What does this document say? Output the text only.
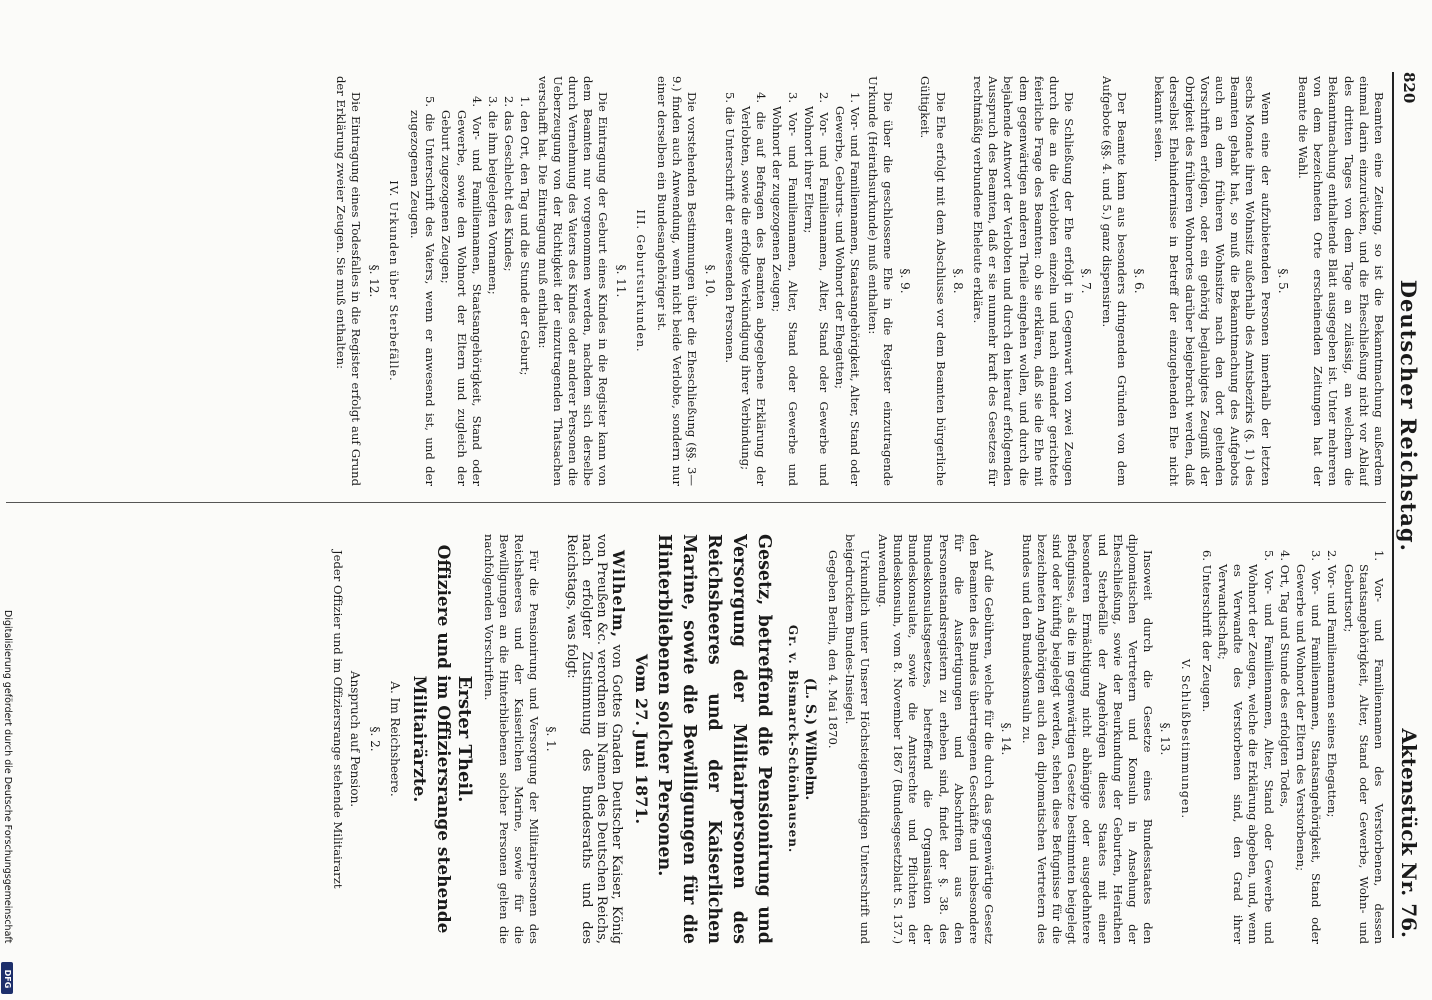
820
Deutscher Reichstag.
Aktenstück Nr. 76.

Beamten eine Zeitung, so ist die Bekanntmachung außerdem einmal darin einzurücken, und die Eheschließung nicht vor Ablauf des dritten Tages von dem Tage an zulässig, an welchem die Bekanntmachung enthaltende Blatt ausgegeben ist. Unter mehreren von dem bezeichneten Orte erscheinenden Zeitungen hat der Beamte die Wahl.

§. 5.

Wenn eine der aufzubietenden Personen innerhalb der letzten sechs Monate ihren Wohnsitz außerhalb des Amtsbezirks (§. 1) des Beamten gehabt hat, so muß die Bekanntmachung des Aufgebots auch an dem früheren Wohnsitze nach den dort geltenden Vorschriften erfolgen, oder ein gehörig beglaubigtes Zeugniß der Obrigkeit des früheren Wohnortes darüber beigebracht werden, daß derselbst Ehehindernisse in Betreff der einzugehenden Ehe nicht bekannt seien.

§. 6.

Der Beamte kann aus besonders dringenden Gründen von dem Aufgebote (§§. 4. und 5.) ganz dispensiren.

§. 7.

Die Schließung der Ehe erfolgt in Gegenwart von zwei Zeugen durch die an die Verlobten einzeln und nach einander gerichtete feierliche Frage des Beamten: ob sie erklären, daß sie die Ehe mit dem gegenwärtigen anderen Theile eingehen wollen, und durch die bejahende Antwort der Verlobten und durch den hierauf erfolgenden Ausspruch des Beamten, daß er sie nunmehr kraft des Gesetzes für rechtmäßig verbundene Eheleute erkläre.

§. 8.

Die Ehe erfolgt mit dem Abschlusse vor dem Beamten bürgerliche Gültigkeit.

§. 9.

Die über die geschlossene Ehe in die Register einzutragende Urkunde (Heirathsurkunde) muß enthalten:

1. Vor- und Familiennamen, Staatsangehörigkeit, Alter, Stand oder Gewerbe, Geburts- und Wohnort der Ehegatten;
2. Vor- und Familiennamen, Alter, Stand oder Gewerbe und Wohnort ihrer Eltern;
3. Vor- und Familiennamen, Alter, Stand oder Gewerbe und Wohnort der zugezogenen Zeugen;
4. die auf Befragen des Beamten abgegebene Erklärung der Verlobten, sowie die erfolgte Verkündigung ihrer Verbindung;
5. die Unterschrift der anwesenden Personen.
§. 10.

Die vorstehenden Bestimmungen über die Eheschließung (§§. 3—9.) finden auch Anwendung, wenn nicht beide Verlobte, sondern nur einer derselben ein Bundesangehöriger ist.

III. Geburtsurkunden.
§. 11.

Die Eintragung der Geburt eines Kindes in die Register kann von dem Beamten nur vorgenommen werden, nachdem sich derselbe durch Vernehmung des Vaters des Kindes oder anderer Personen die Ueberzeugung von der Richtigkeit der einzutragenden Thatsachen verschafft hat. Die Eintragung muß enthalten:

1. den Ort, den Tag und die Stunde der Geburt;
2. das Geschlecht des Kindes;
3. die ihm beigelegten Vornamen;
4. Vor- und Familiennamen, Staatsangehörigkeit, Stand oder Gewerbe, sowie den Wohnort der Eltern und zugleich der Geburt zugezogenen Zeugen;
5. die Unterschrift des Vaters, wenn er anwesend ist, und der zugezogenen Zeugen.
IV. Urkunden über Sterbefälle.
§. 12.

Die Eintragung eines Todesfalles in die Register erfolgt auf Grund der Erklärung zweier Zeugen. Sie muß enthalten:

1. Vor- und Familiennamen des Verstorbenen, dessen Staatsangehörigkeit, Alter, Stand oder Gewerbe, Wohn- und Geburtsort;
2. Vor- und Familiennamen seines Ehegatten;
3. Vor- und Familiennamen, Staatsangehörigkeit, Stand oder Gewerbe und Wohnort der Eltern des Verstorbenen;
4. Ort, Tag und Stunde des erfolgten Todes,
5. Vor- und Familiennamen, Alter, Stand oder Gewerbe und Wohnort der Zeugen, welche die Erklärung abgeben, und, wenn es Verwandte des Verstorbenen sind, den Grad ihrer Verwandtschaft;
6. Unterschrift der Zeugen.
V. Schlußbestimmungen.
§. 13.

Insoweit durch die Gesetze eines Bundesstaates den diplomatischen Vertretern und Konsuln in Ansehung der Eheschließung, sowie der Beurkundung der Geburten, Heirathen und Sterbefälle der Angehörigen dieses Staates mit einer besonderen Ermächtigung nicht abhängige oder ausgedehntere Befugnisse, als die im gegenwärtigen Gesetze bestimmten beigelegt sind oder künftig beigelegt werden, stehen diese Befugnisse für die bezeichneten Angehörigen auch den diplomatischen Vertretern des Bundes und den Bundeskonsuln zu.

§. 14.

Auf die Gebühren, welche für die durch das gegenwärtige Gesetz den Beamten des Bundes übertragenen Geschäfte und insbesondere für die Ausfertigungen und Abschriften aus den Personenstandsregistern zu erheben sind, findet der §. 38. des Bundeskonsulatsgesetzes, betreffend die Organisation der Bundeskonsulate, sowie die Amtsrechte und Pflichten der Bundeskonsuln, vom 8. November 1867 (Bundesgesetzblatt S. 137.) Anwendung.

Urkundlich unter Unserer Höchsteigenhändigen Unterschrift und beigedrucktem Bundes-Insiegel.

Gegeben Berlin, den 4. Mai 1870.

(L. S.) Wilhelm.
Gr. v. Bismarck-Schönhausen.
Gesetz, betreffend die Pensionirung und Versorgung der Militairpersonen des Reichsheeres und der Kaiserlichen Marine, sowie die Bewilligungen für die Hinterbliebenen solcher Personen.
Vom 27. Juni 1871.

Wilhelm, von Gottes Gnaden Deutscher Kaiser, König von Preußen &c. verordnen im Namen des Deutschen Reichs, nach erfolgter Zustimmung des Bundesraths und des Reichstags, was folgt:

§. 1.

Für die Pensionirung und Versorgung der Militairpersonen des Reichsheeres und der Kaiserlichen Marine, sowie für die Bewilligungen an die Hinterbliebenen solcher Personen gelten die nachfolgenden Vorschriften.

Erster Theil.
Offiziere und im Offiziersrange stehende Militairärzte.
A. Im Reichsheere.
§. 2.
Anspruch auf Pension.

Jeder Offizier und im Offiziersrange stehende Militairarzt

Digitalisierung gefördert durch die Deutsche Forschungsgemeinschaft
DFG
